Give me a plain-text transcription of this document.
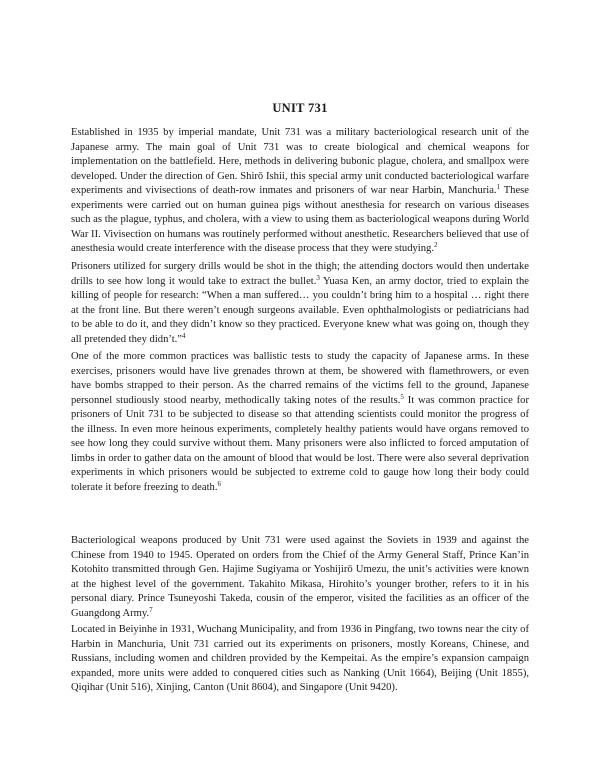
UNIT 731

Established in 1935 by imperial mandate, Unit 731 was a military bacteriological research unit of the Japanese army. The main goal of Unit 731 was to create biological and chemical weapons for implementation on the battlefield. Here, methods in delivering bubonic plague, cholera, and smallpox were developed. Under the direction of Gen. Shirō Ishii, this special army unit conducted bacteriological warfare experiments and vivisections of death-row inmates and prisoners of war near Harbin, Manchuria.$^1$ These experiments were carried out on human guinea pigs without anesthesia for research on various diseases such as the plague, typhus, and cholera, with a view to using them as bacteriological weapons during World War II. Vivisection on humans was routinely performed without anesthetic. Researchers believed that use of anesthesia would create interference with the disease process that they were studying.$^2$

Prisoners utilized for surgery drills would be shot in the thigh; the attending doctors would then undertake drills to see how long it would take to extract the bullet.$^3$ Yuasa Ken, an army doctor, tried to explain the killing of people for research: “When a man suffered… you couldn’t bring him to a hospital … right there at the front line. But there weren’t enough surgeons available. Even ophthalmologists or pediatricians had to be able to do it, and they didn’t know so they practiced. Everyone knew what was going on, though they all pretended they didn’t.”$^4$

One of the more common practices was ballistic tests to study the capacity of Japanese arms. In these exercises, prisoners would have live grenades thrown at them, be showered with flamethrowers, or even have bombs strapped to their person. As the charred remains of the victims fell to the ground, Japanese personnel studiously stood nearby, methodically taking notes of the results.$^5$ It was common practice for prisoners of Unit 731 to be subjected to disease so that attending scientists could monitor the progress of the illness. In even more heinous experiments, completely healthy patients would have organs removed to see how long they could survive without them. Many prisoners were also inflicted to forced amputation of limbs in order to gather data on the amount of blood that would be lost. There were also several deprivation experiments in which prisoners would be subjected to extreme cold to gauge how long their body could tolerate it before freezing to death.$^6$

Bacteriological weapons produced by Unit 731 were used against the Soviets in 1939 and against the Chinese from 1940 to 1945. Operated on orders from the Chief of the Army General Staff, Prince Kan’in Kotohito transmitted through Gen. Hajime Sugiyama or Yoshijirō Umezu, the unit’s activities were known at the highest level of the government. Takahito Mikasa, Hirohito’s younger brother, refers to it in his personal diary. Prince Tsuneyoshi Takeda, cousin of the emperor, visited the facilities as an officer of the Guangdong Army.$^7$

Located in Beiyinhe in 1931, Wuchang Municipality, and from 1936 in Pingfang, two towns near the city of Harbin in Manchuria, Unit 731 carried out its experiments on prisoners, mostly Koreans, Chinese, and Russians, including women and children provided by the Kempeitai. As the empire’s expansion campaign expanded, more units were added to conquered cities such as Nanking (Unit 1664), Beijing (Unit 1855), Qiqihar (Unit 516), Xinjing, Canton (Unit 8604), and Singapore (Unit 9420).
